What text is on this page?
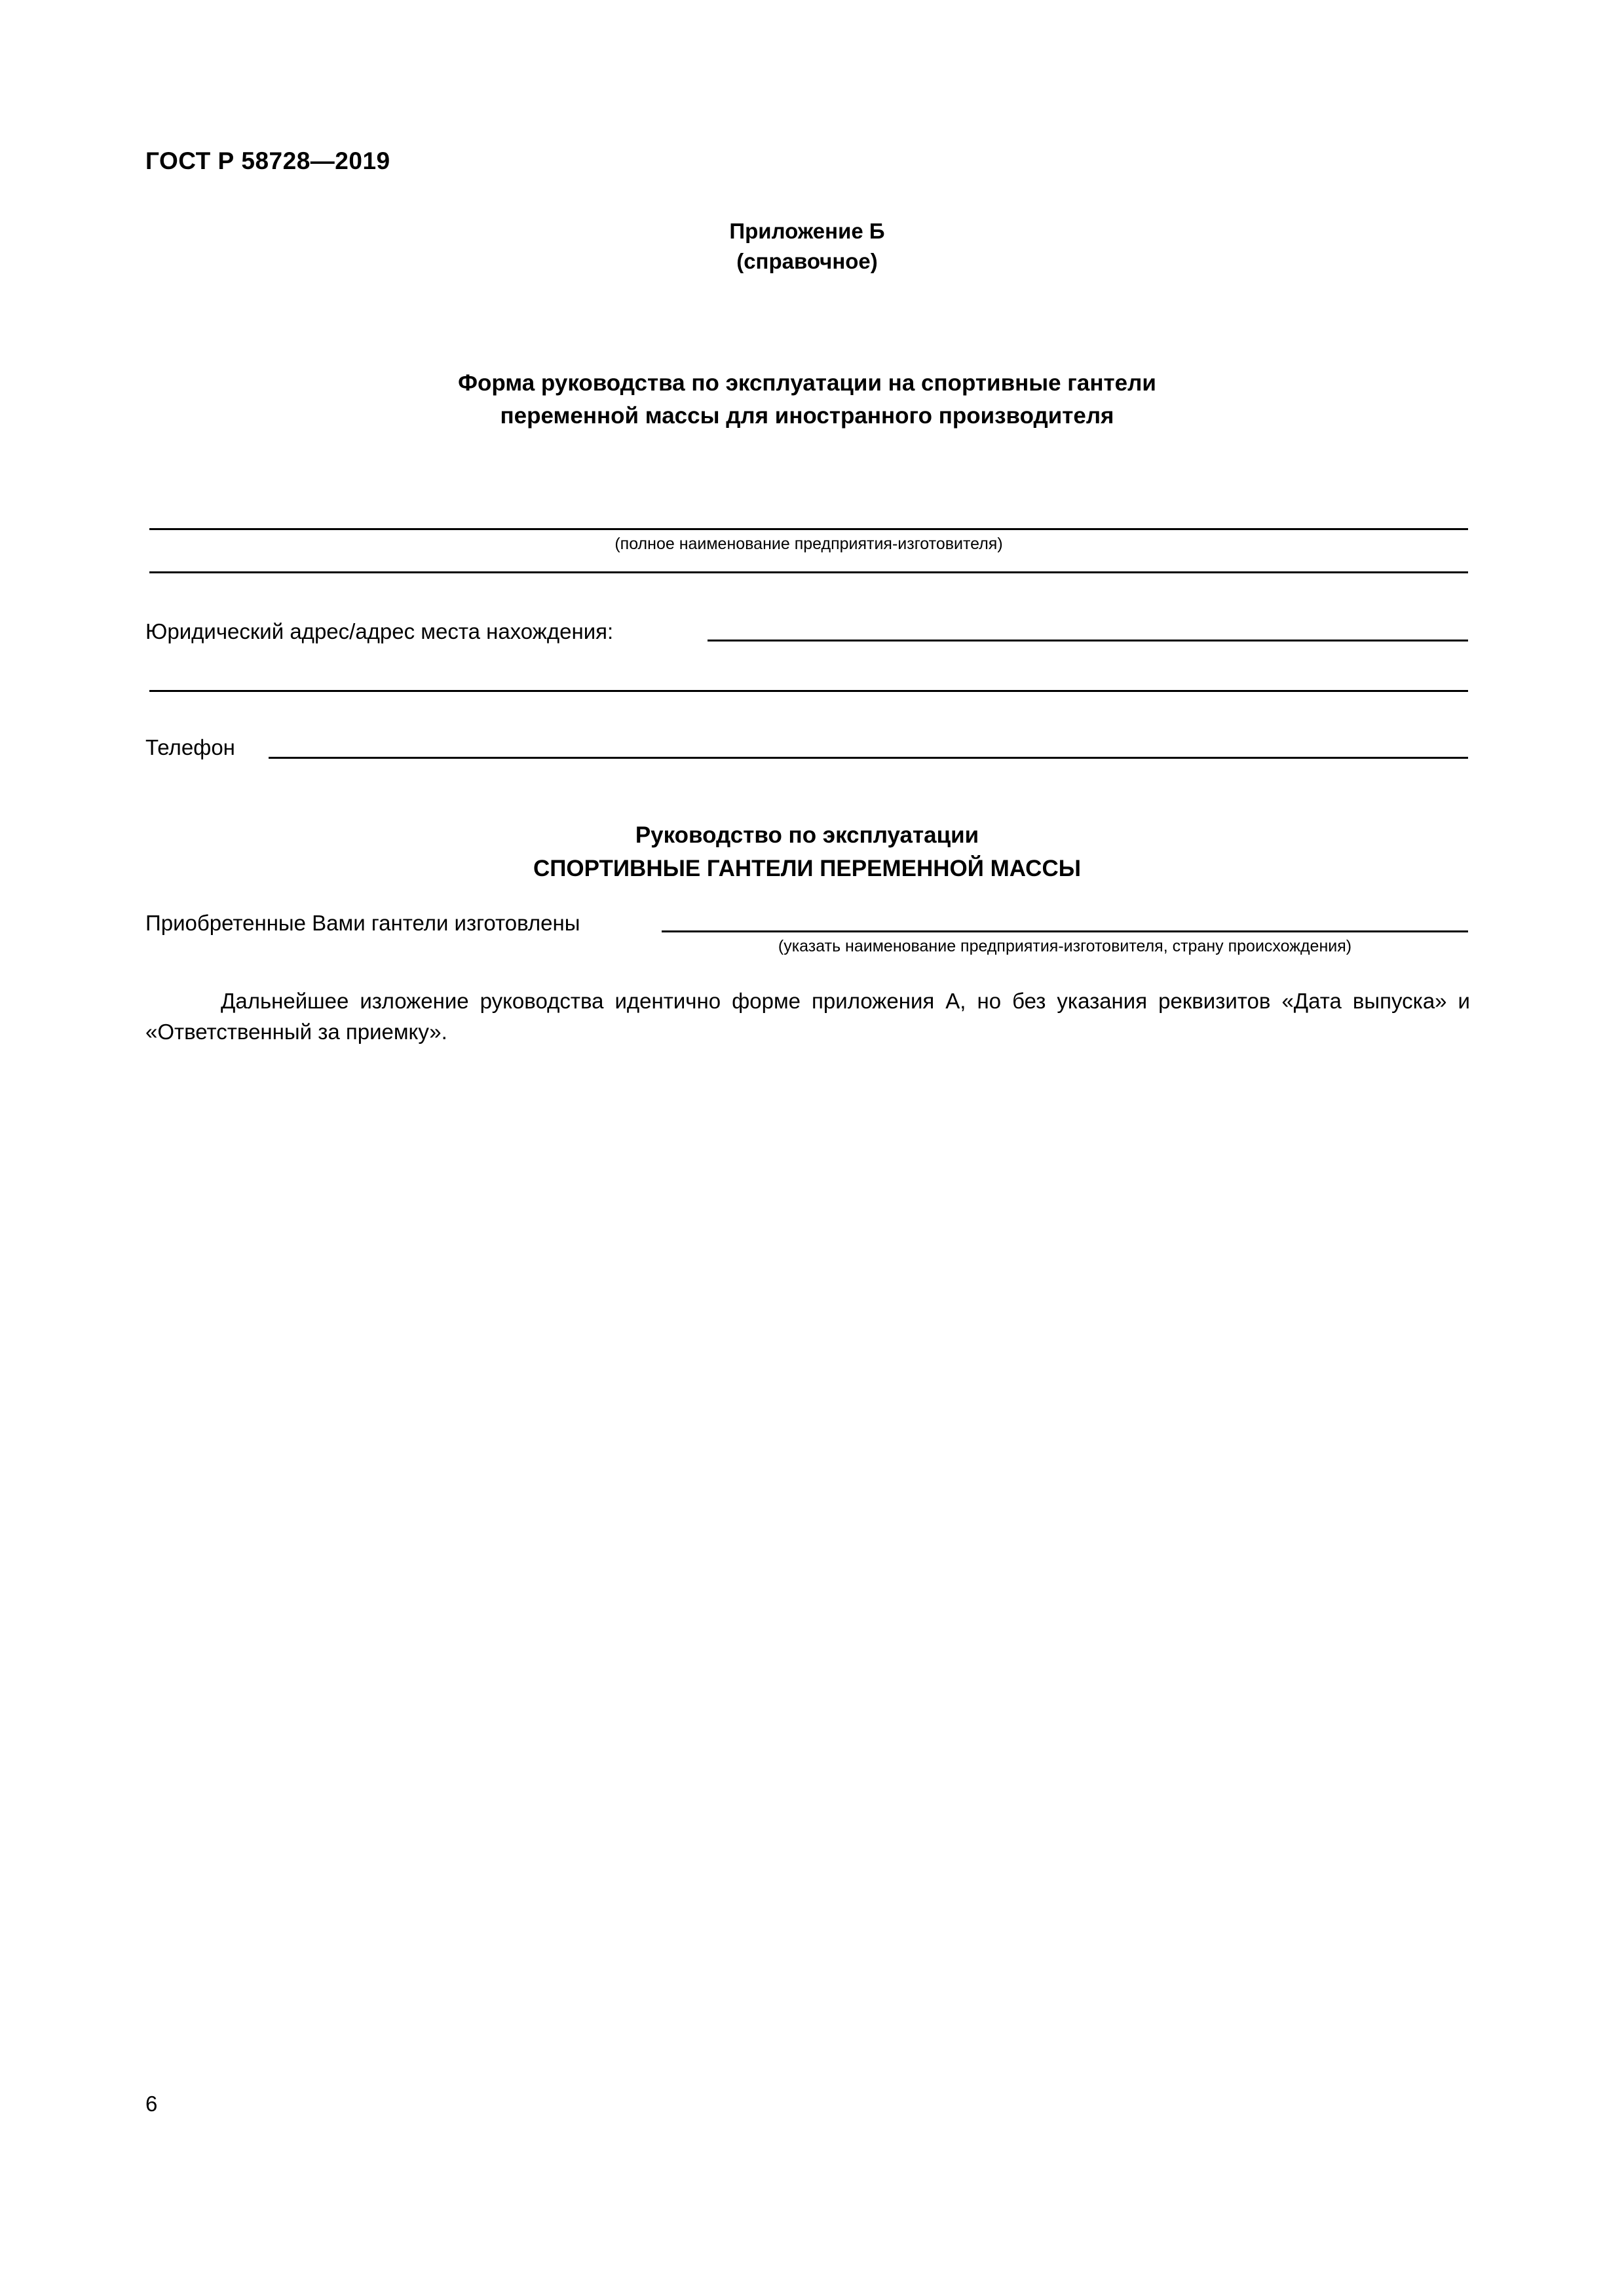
ГОСТ Р 58728—2019
Приложение Б
(справочное)
Форма руководства по эксплуатации на спортивные гантели
переменной массы для иностранного производителя
(полное наименование предприятия-изготовителя)
Юридический адрес/адрес места нахождения:
Телефон
Руководство по эксплуатации
СПОРТИВНЫЕ ГАНТЕЛИ ПЕРЕМЕННОЙ МАССЫ
Приобретенные Вами гантели изготовлены
(указать наименование предприятия-изготовителя, страну происхождения)
Дальнейшее изложение руководства идентично форме приложения А, но без указания реквизитов «Дата выпуска» и «Ответственный за приемку».
6
